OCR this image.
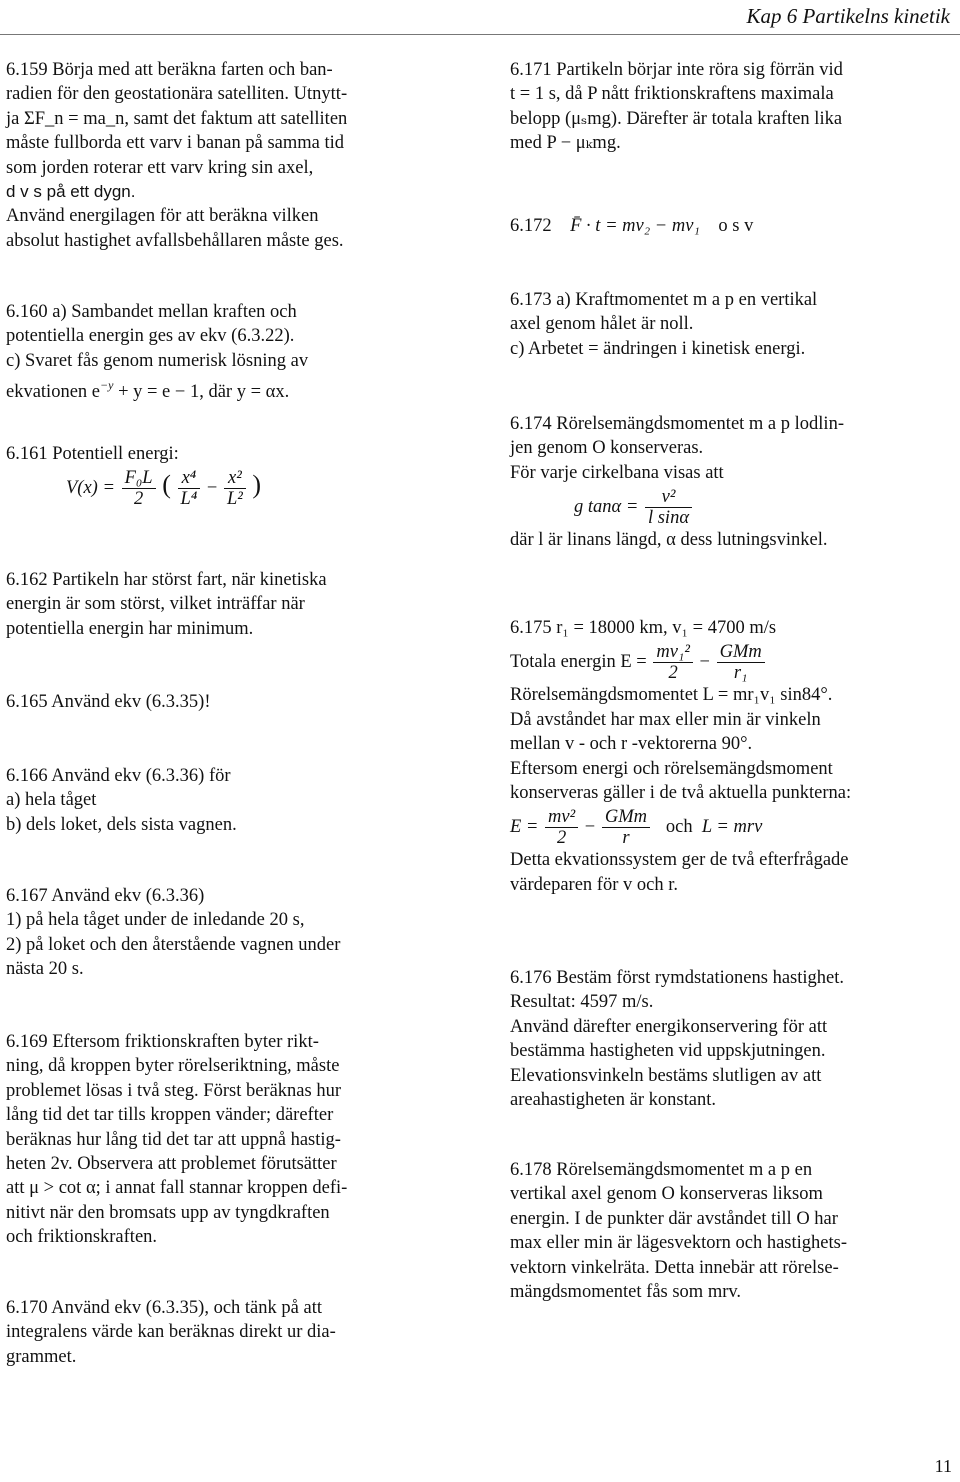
Kap 6 Partikelns kinetik

6.159 Börja med att beräkna farten och ban-

radien för den geostationära satelliten. Utnytt-

ja ΣF_n = ma_n, samt det faktum att satelliten

måste fullborda ett varv i banan på samma tid

som jorden roterar ett varv kring sin axel,

d v s på ett dygn.

Använd energilagen för att beräkna vilken

absolut hastighet avfallsbehållaren måste ges.

6.160 a) Sambandet mellan kraften och

potentiella energin ges av ekv (6.3.22).

c) Svaret fås genom numerisk lösning av

ekvationen $e^{-y} + y = e - 1$, där y = αx.

6.161 Potentiell energi:

$V(x) = \frac{\text{F₀L}}{2}$ ( $\frac{\text{x⁴}}{\text{L⁴}} - \frac{\text{x²}}{\text{L²}}$ )

6.162 Partikeln har störst fart, när kinetiska

energin är som störst, vilket inträffar när

potentiella energin har minimum.

6.165 Använd ekv (6.3.35)!

6.166 Använd ekv (6.3.36) för

a) hela tåget

b) dels loket, dels sista vagnen.

6.167 Använd ekv (6.3.36)

1) på hela tåget under de inledande 20 s,

2) på loket och den återstående vagnen under

nästa 20 s.

6.169 Eftersom friktionskraften byter rikt-

ning, då kroppen byter rörelseriktning, måste

problemet lösas i två steg. Först beräknas hur

lång tid det tar tills kroppen vänder; därefter

beräknas hur lång tid det tar att uppnå hastig-

heten 2v. Observera att problemet förutsätter

att μ > cot α; i annat fall stannar kroppen defi-

nitivt när den bromsats upp av tyngdkraften

och friktionskraften.

6.170 Använd ekv (6.3.35), och tänk på att

integralens värde kan beräknas direkt ur dia-

grammet.

6.171 Partikeln börjar inte röra sig förrän vid

t = 1 s, då P nått friktionskraftens maximala

belopp (μₛmg). Därefter är totala kraften lika

med P − μₖmg.

6.172 F̄ · t = mv₂ − mv₁ o s v

6.173 a) Kraftmomentet m a p en vertikal

axel genom hålet är noll.

c) Arbetet = ändringen i kinetisk energi.

6.174 Rörelsemängdsmomentet m a p lodlin-

jen genom O konserveras.

För varje cirkelbana visas att

g $\tan\alpha = \frac{\text{v²}}{\text{l sinα}}$

där l är linans längd, α dess lutningsvinkel.

6.175 r₁ = 18000 km, v₁ = 4700 m/s

Totala energin $E = \frac{\text{mv₁²}}{2} - \frac{\text{GMm}}{\text{r₁}}$

Rörelsemängdsmomentet L = mr₁v₁ sin84°.

Då avståndet har max eller min är vinkeln

mellan v - och r -vektorerna 90°.

Eftersom energi och rörelsemängdsmoment

konserveras gäller i de två aktuella punkterna:

$E = \frac{\text{mv²}}{2} - \frac{\text{GMm}}{r}$ och L = mrv

Detta ekvationssystem ger de två efterfrågade

värdeparen för v och r.

6.176 Bestäm först rymdstationens hastighet.

Resultat: 4597 m/s.

Använd därefter energikonservering för att

bestämma hastigheten vid uppskjutningen.

Elevationsvinkeln bestäms slutligen av att

areahastigheten är konstant.

6.178 Rörelsemängdsmomentet m a p en

vertikal axel genom O konserveras liksom

energin. I de punkter där avståndet till O har

max eller min är lägesvektorn och hastighets-

vektorn vinkelräta. Detta innebär att rörelse-

mängdsmomentet fås som mrv.

11
